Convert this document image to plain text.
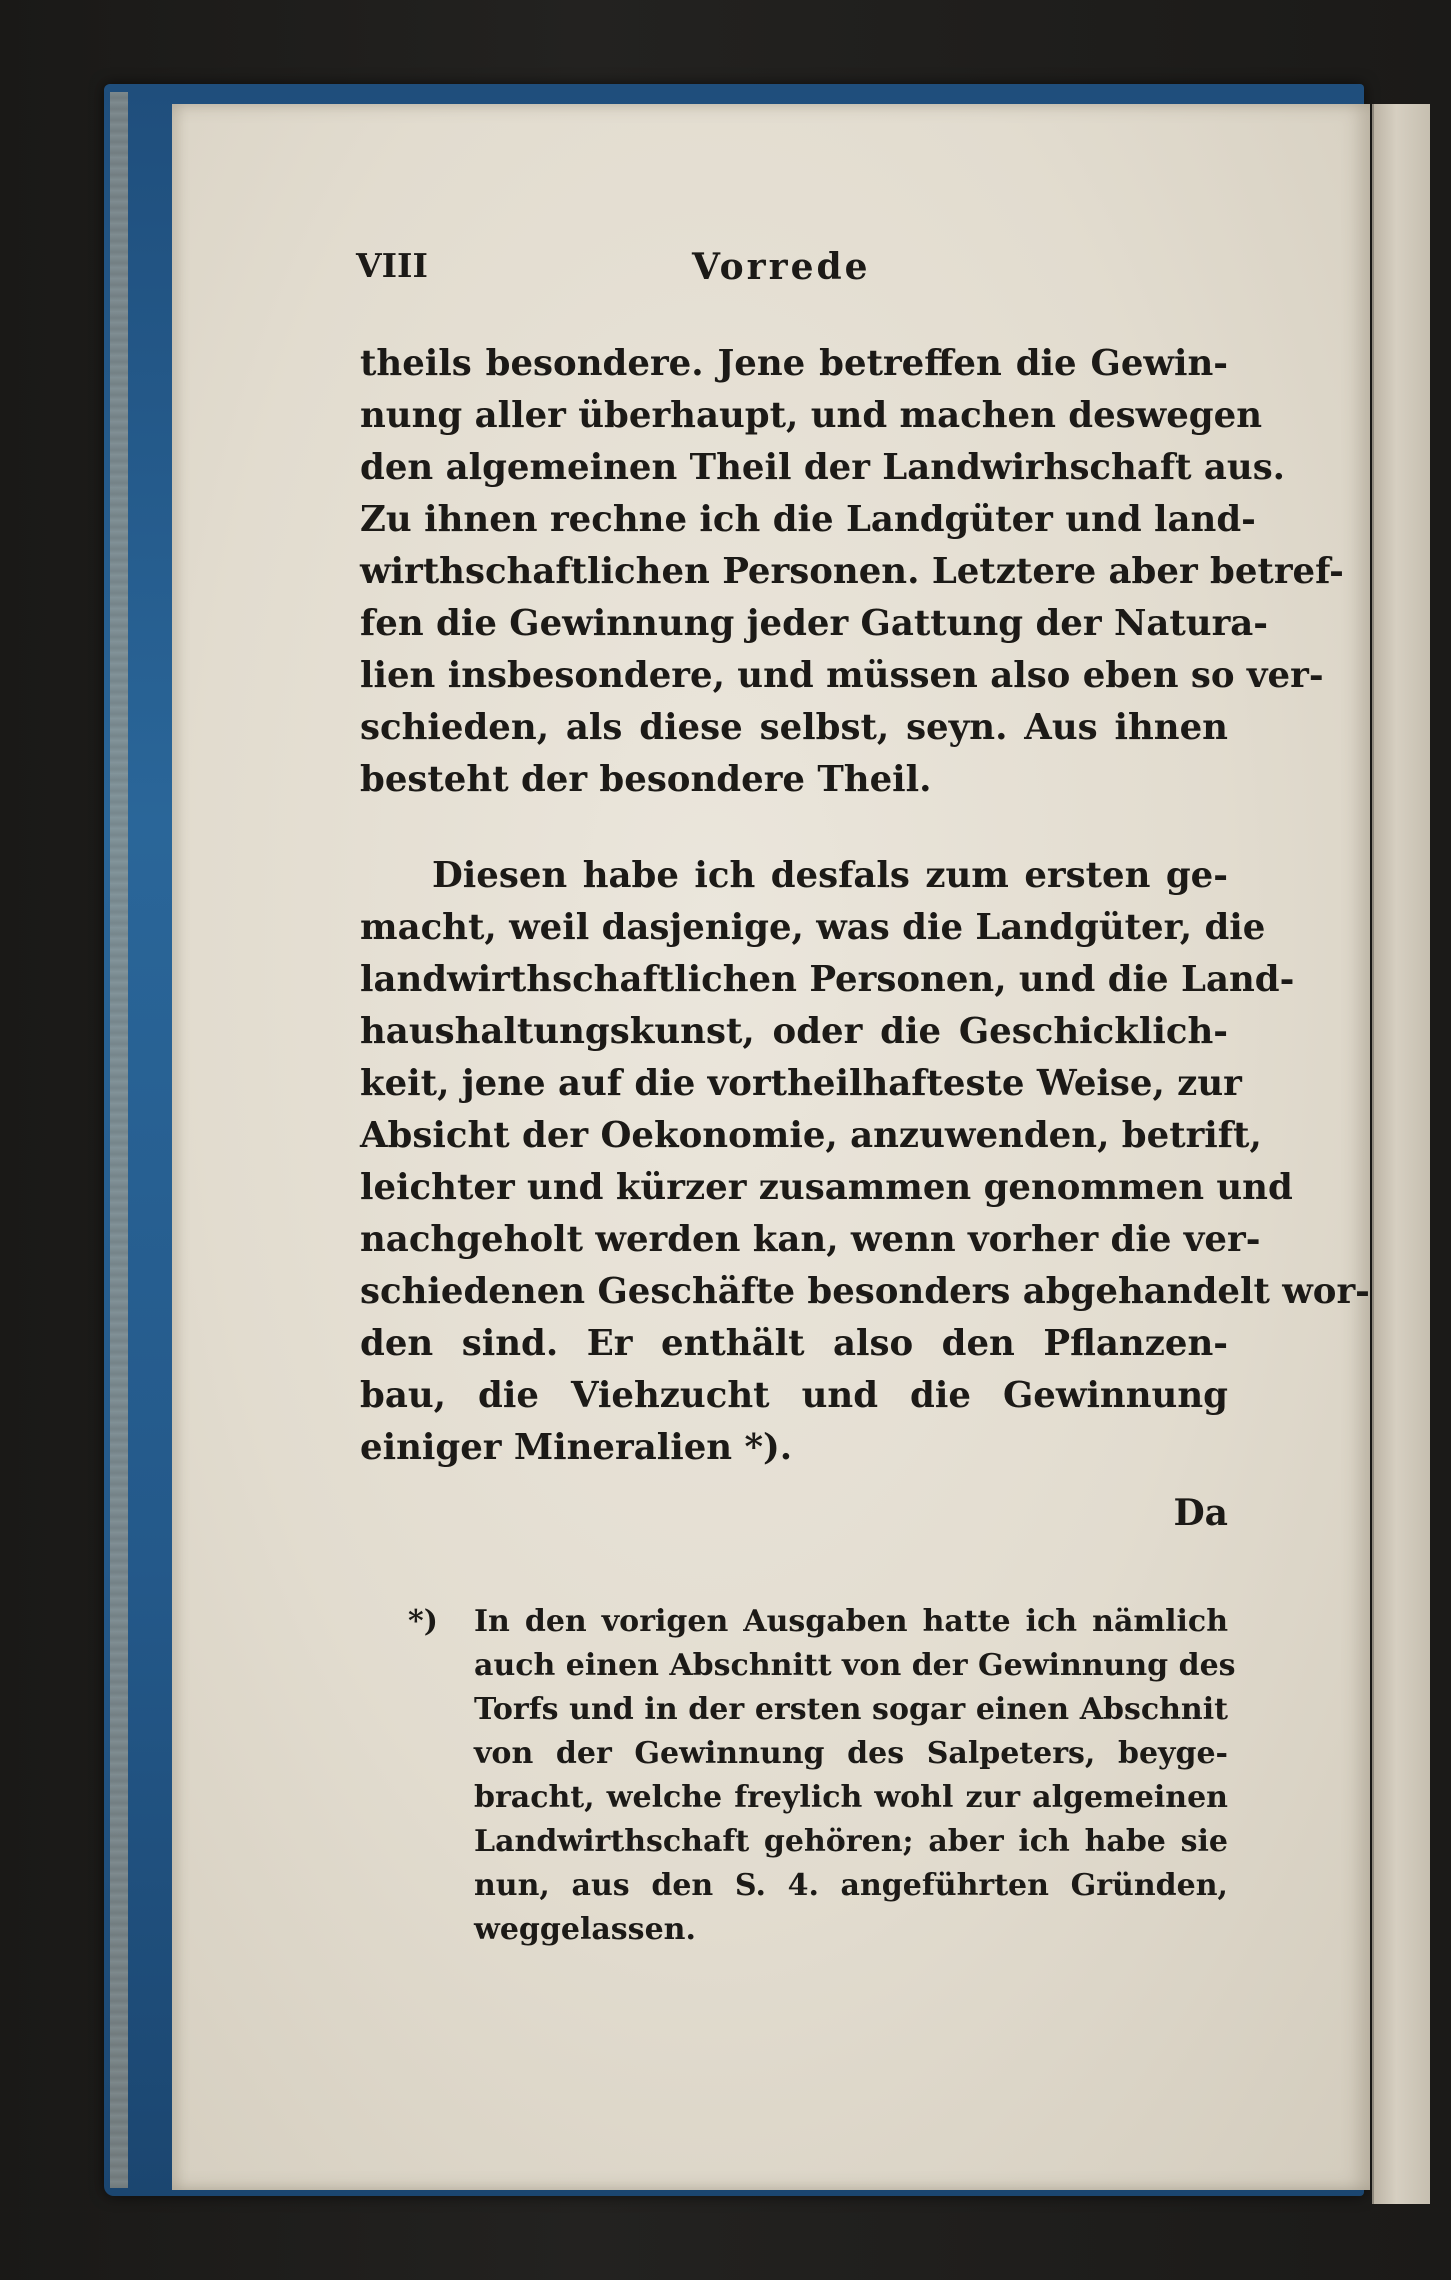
VIII	Vorrede
theils besondere. Jene betreffen die Gewin-
nung aller überhaupt, und machen deswegen
den algemeinen Theil der Landwirhschaft aus.
Zu ihnen rechne ich die Landgüter und land-
wirthschaftlichen Personen. Letztere aber betref-
fen die Gewinnung jeder Gattung der Natura-
lien insbesondere, und müssen also eben so ver-
schieden, als diese selbst, seyn. Aus ihnen
besteht der besondere Theil.
Diesen habe ich desfals zum ersten ge-
macht, weil dasjenige, was die Landgüter, die
landwirthschaftlichen Personen, und die Land-
haushaltungskunst, oder die Geschicklich-
keit, jene auf die vortheilhafteste Weise, zur
Absicht der Oekonomie, anzuwenden, betrift,
leichter und kürzer zusammen genommen und
nachgeholt werden kan, wenn vorher die ver-
schiedenen Geschäfte besonders abgehandelt wor-
den sind. Er enthält also den Pflanzen-
bau, die Viehzucht und die Gewinnung
einiger Mineralien *).
Da
*) In den vorigen Ausgaben hatte ich nämlich
auch einen Abschnitt von der Gewinnung des
Torfs und in der ersten sogar einen Abschnit
von der Gewinnung des Salpeters, beyge-
bracht, welche freylich wohl zur algemeinen
Landwirthschaft gehören; aber ich habe sie
nun, aus den S. 4. angeführten Gründen,
weggelassen.
